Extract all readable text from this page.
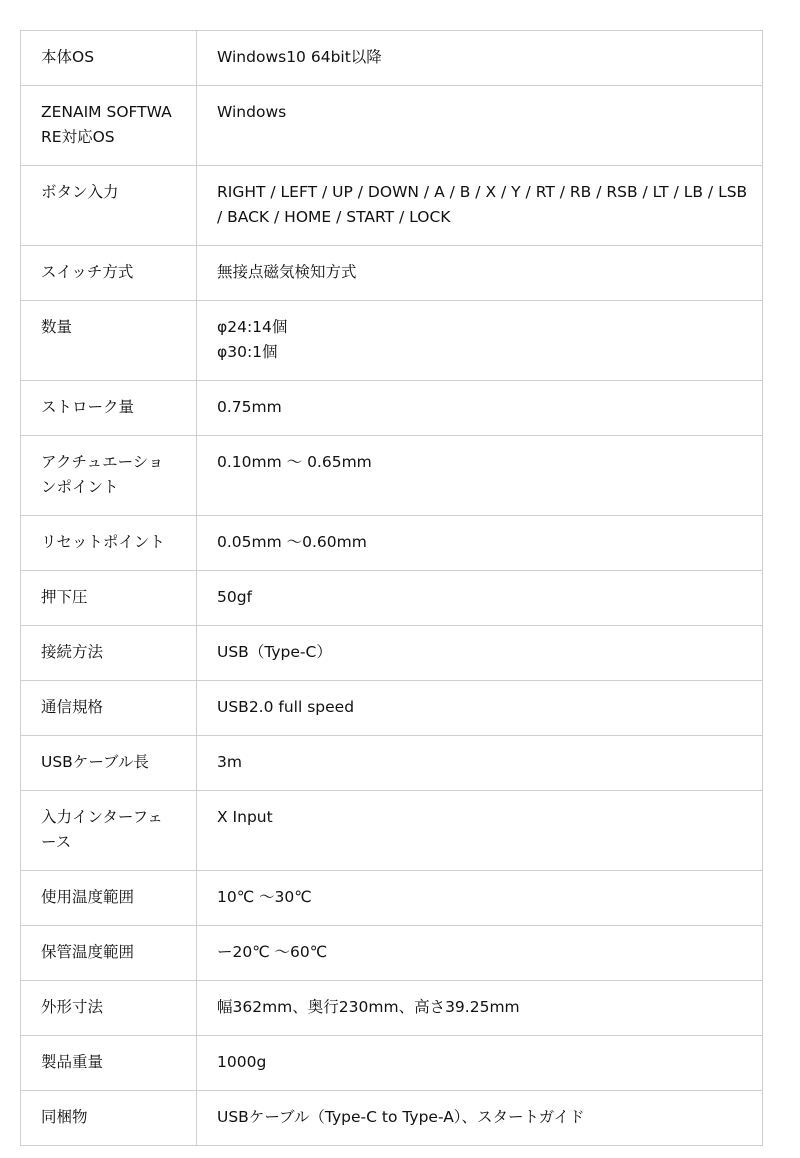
本体OS	Windows10 64bit以降
ZENAIM SOFTWARE対応OS	Windows
ボタン入力	RIGHT / LEFT / UP / DOWN / A / B / X / Y / RT / RB / RSB / LT / LB / LSB / BACK / HOME / START / LOCK
スイッチ方式	無接点磁気検知方式
数量	φ24:14個
φ30:1個

ストローク量	0.75mm
アクチュエーションポイント	0.10mm 〜 0.65mm
リセットポイント	0.05mm 〜0.60mm
押下圧	50gf
接続方法	USB（Type-C）
通信規格	USB2.0 full speed
USBケーブル長	3m
入力インターフェース	X Input
使用温度範囲	10℃ 〜30℃
保管温度範囲	ー20℃ 〜60℃
外形寸法	幅362mm、奥行230mm、高さ39.25mm
製品重量	1000g
同梱物	USBケーブル（Type-C to Type-A）、スタートガイド
